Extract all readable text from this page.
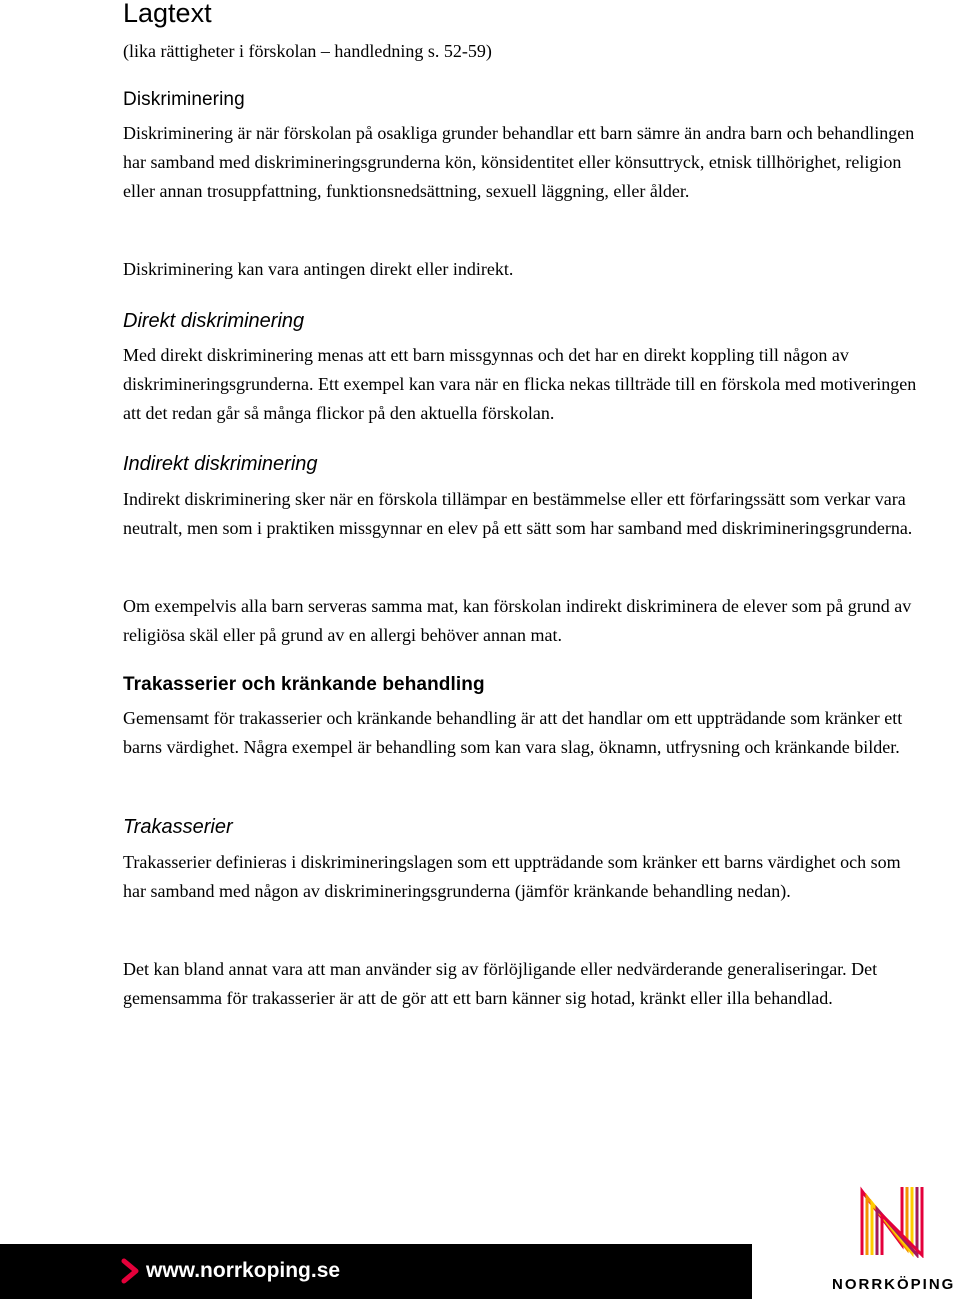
Lagtext

(lika rättigheter i förskolan – handledning s. 52-59)

Diskriminering

Diskriminering är när förskolan på osakliga grunder behandlar ett barn sämre än andra barn och behandlingen har samband med diskrimineringsgrunderna kön, könsidentitet eller könsuttryck, etnisk tillhörighet, religion eller annan trosuppfattning, funktionsnedsättning, sexuell läggning, eller ålder.

Diskriminering kan vara antingen direkt eller indirekt.

Direkt diskriminering

Med direkt diskriminering menas att ett barn missgynnas och det har en direkt koppling till någon av diskrimineringsgrunderna. Ett exempel kan vara när en flicka nekas tillträde till en förskola med motiveringen att det redan går så många flickor på den aktuella förskolan.

Indirekt diskriminering

Indirekt diskriminering sker när en förskola tillämpar en bestämmelse eller ett förfaringssätt som verkar vara neutralt, men som i praktiken missgynnar en elev på ett sätt som har samband med diskrimineringsgrunderna.

Om exempelvis alla barn serveras samma mat, kan förskolan indirekt diskriminera de elever som på grund av religiösa skäl eller på grund av en allergi behöver annan mat.

Trakasserier och kränkande behandling

Gemensamt för trakasserier och kränkande behandling är att det handlar om ett uppträdande som kränker ett barns värdighet. Några exempel är behandling som kan vara slag, öknamn, utfrysning och kränkande bilder.

Trakasserier

Trakasserier definieras i diskrimineringslagen som ett uppträdande som kränker ett barns värdighet och som har samband med någon av diskrimineringsgrunderna (jämför kränkande behandling nedan).

Det kan bland annat vara att man använder sig av förlöjligande eller nedvärderande generaliseringar. Det gemensamma för trakasserier är att de gör att ett barn känner sig hotad, kränkt eller illa behandlad.

www.norrkoping.se
NORRKÖPING
